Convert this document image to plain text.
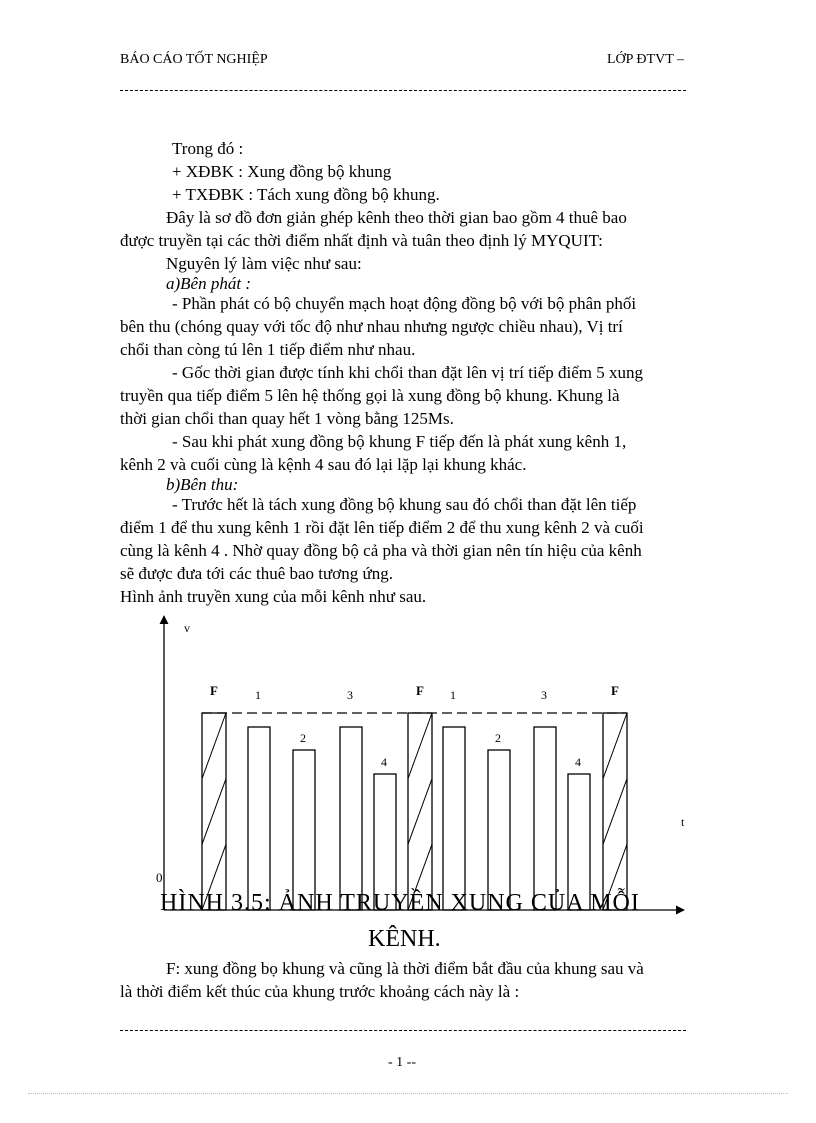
BÁO CÁO TỐT NGHIỆP	LỚP ĐTVT –
Trong đó :
+ XĐBK : Xung đồng bộ khung
+ TXĐBK : Tách xung đồng bộ khung.
Đây là sơ đồ đơn giản ghép kênh theo thời gian bao gồm 4 thuê bao
được truyền tại các thời điểm nhất định và tuân theo định lý MYQUIT:
Nguyên lý làm việc như sau:
a)Bên phát :
- Phần phát có bộ chuyển mạch hoạt động đồng bộ với bộ phân phối
bên thu (chóng quay với tốc độ như nhau nhưng ngược chiều nhau), Vị trí
chổi than còng tú lên 1 tiếp điểm như nhau.
- Gốc thời gian được tính khi chổi than đặt lên vị trí tiếp điểm 5 xung
truyền qua tiếp điểm 5 lên hệ thống gọi là xung đồng bộ khung. Khung là
thời gian chổi than quay hết 1 vòng bằng 125Ms.
- Sau khi phát xung đồng bộ khung F tiếp đến là phát xung kênh 1,
kênh 2 và cuối cùng là kệnh 4 sau đó lại lặp lại khung khác.
b)Bên thu:
- Trước hết là tách xung đồng bộ khung sau đó chổi than đặt lên tiếp
điểm 1 để thu xung kênh 1 rồi đặt lên tiếp điểm 2 để thu xung kênh 2 và cuối
cùng là kênh 4 . Nhờ quay đồng bộ cả pha và thời gian nên tín hiệu của kênh
sẽ được đưa tới các thuê bao tương ứng.
Hình ảnh truyền xung của mỗi kênh như sau.
v
t
0
F	1
2
3
4
F 1
2
3
4
F
HÌNH 3.5: ẢNH TRUYỀN XUNG CỦA MỖI
KÊNH.
F: xung đồng bọ khung và cũng là thời điểm bắt đầu của khung sau và
là thời điểm kết thúc của khung trước khoảng cách này là :
- 1 --
